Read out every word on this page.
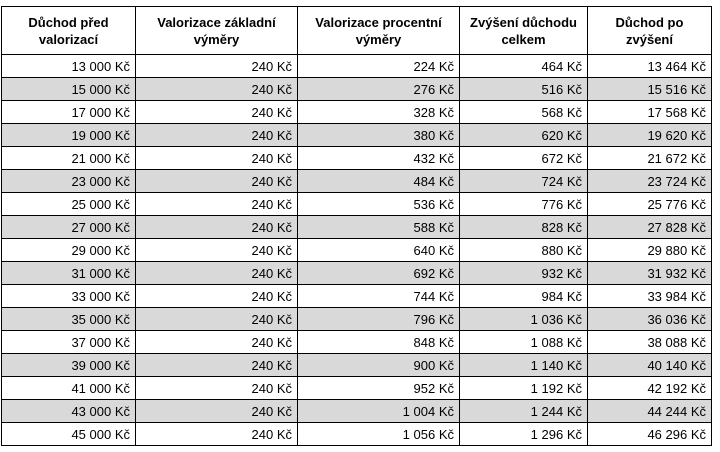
Důchod před valorizací	Valorizace základní výměry	Valorizace procentní výměry	Zvýšení důchodu celkem	Důchod po zvýšení
13 000 Kč	240 Kč	224 Kč	464 Kč	13 464 Kč
15 000 Kč	240 Kč	276 Kč	516 Kč	15 516 Kč
17 000 Kč	240 Kč	328 Kč	568 Kč	17 568 Kč
19 000 Kč	240 Kč	380 Kč	620 Kč	19 620 Kč
21 000 Kč	240 Kč	432 Kč	672 Kč	21 672 Kč
23 000 Kč	240 Kč	484 Kč	724 Kč	23 724 Kč
25 000 Kč	240 Kč	536 Kč	776 Kč	25 776 Kč
27 000 Kč	240 Kč	588 Kč	828 Kč	27 828 Kč
29 000 Kč	240 Kč	640 Kč	880 Kč	29 880 Kč
31 000 Kč	240 Kč	692 Kč	932 Kč	31 932 Kč
33 000 Kč	240 Kč	744 Kč	984 Kč	33 984 Kč
35 000 Kč	240 Kč	796 Kč	1 036 Kč	36 036 Kč
37 000 Kč	240 Kč	848 Kč	1 088 Kč	38 088 Kč
39 000 Kč	240 Kč	900 Kč	1 140 Kč	40 140 Kč
41 000 Kč	240 Kč	952 Kč	1 192 Kč	42 192 Kč
43 000 Kč	240 Kč	1 004 Kč	1 244 Kč	44 244 Kč
45 000 Kč	240 Kč	1 056 Kč	1 296 Kč	46 296 Kč
